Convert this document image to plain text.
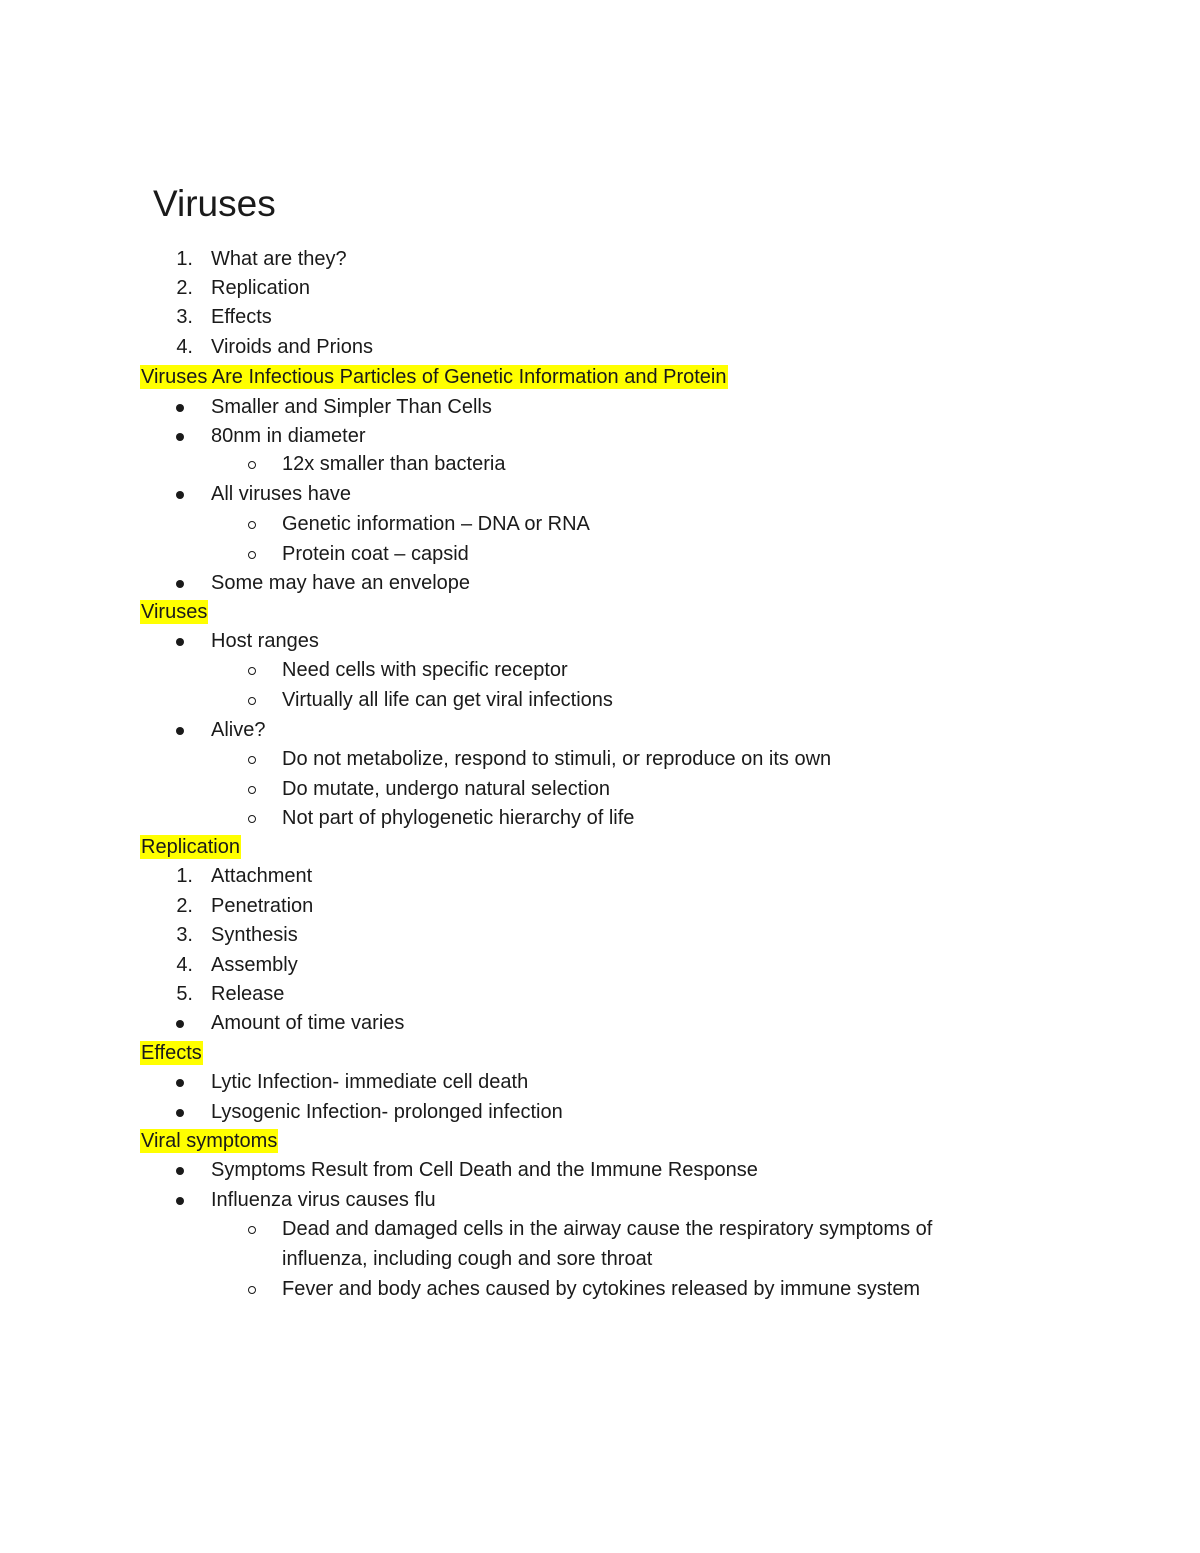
Viruses
1. What are they?
2. Replication
3. Effects
4. Viroids and Prions
Viruses Are Infectious Particles of Genetic Information and Protein
Smaller and Simpler Than Cells
80nm in diameter
12x smaller than bacteria
All viruses have
Genetic information – DNA or RNA
Protein coat – capsid
Some may have an envelope
Viruses
Host ranges
Need cells with specific receptor
Virtually all life can get viral infections
Alive?
Do not metabolize, respond to stimuli, or reproduce on its own
Do mutate, undergo natural selection
Not part of phylogenetic hierarchy of life
Replication
1. Attachment
2. Penetration
3. Synthesis
4. Assembly
5. Release
Amount of time varies
Effects
Lytic Infection- immediate cell death
Lysogenic Infection- prolonged infection
Viral symptoms
Symptoms Result from Cell Death and the Immune Response
Influenza virus causes flu
Dead and damaged cells in the airway cause the respiratory symptoms of influenza, including cough and sore throat
Fever and body aches caused by cytokines released by immune system
